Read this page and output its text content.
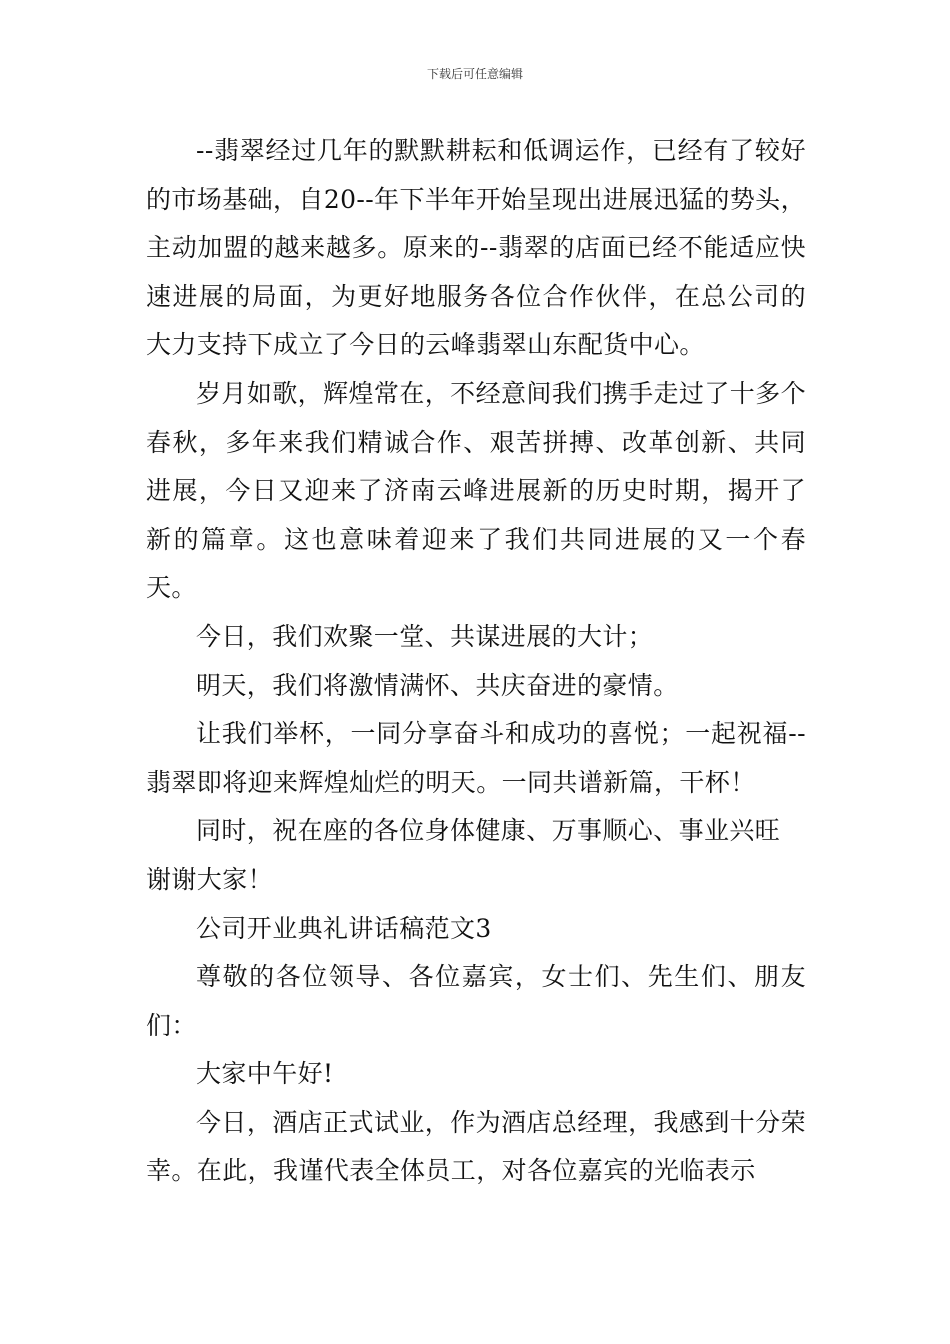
下载后可任意编辑

--翡翠经过几年的默默耕耘和低调运作，已经有了较好的市场基础，自20--年下半年开始呈现出进展迅猛的势头，主动加盟的越来越多。原来的--翡翠的店面已经不能适应快速进展的局面，为更好地服务各位合作伙伴，在总公司的大力支持下成立了今日的云峰翡翠山东配货中心。

岁月如歌，辉煌常在，不经意间我们携手走过了十多个春秋，多年来我们精诚合作、艰苦拼搏、改革创新、共同进展，今日又迎来了济南云峰进展新的历史时期，揭开了新的篇章。这也意味着迎来了我们共同进展的又一个春天。

今日，我们欢聚一堂、共谋进展的大计；

明天，我们将激情满怀、共庆奋进的豪情。

让我们举杯，一同分享奋斗和成功的喜悦；一起祝福--翡翠即将迎来辉煌灿烂的明天。一同共谱新篇，干杯！

同时，祝在座的各位身体健康、万事顺心、事业兴旺

谢谢大家！

公司开业典礼讲话稿范文3

尊敬的各位领导、各位嘉宾，女士们、先生们、朋友们：

大家中午好!

今日，酒店正式试业，作为酒店总经理，我感到十分荣幸。在此，我谨代表全体员工，对各位嘉宾的光临表示
